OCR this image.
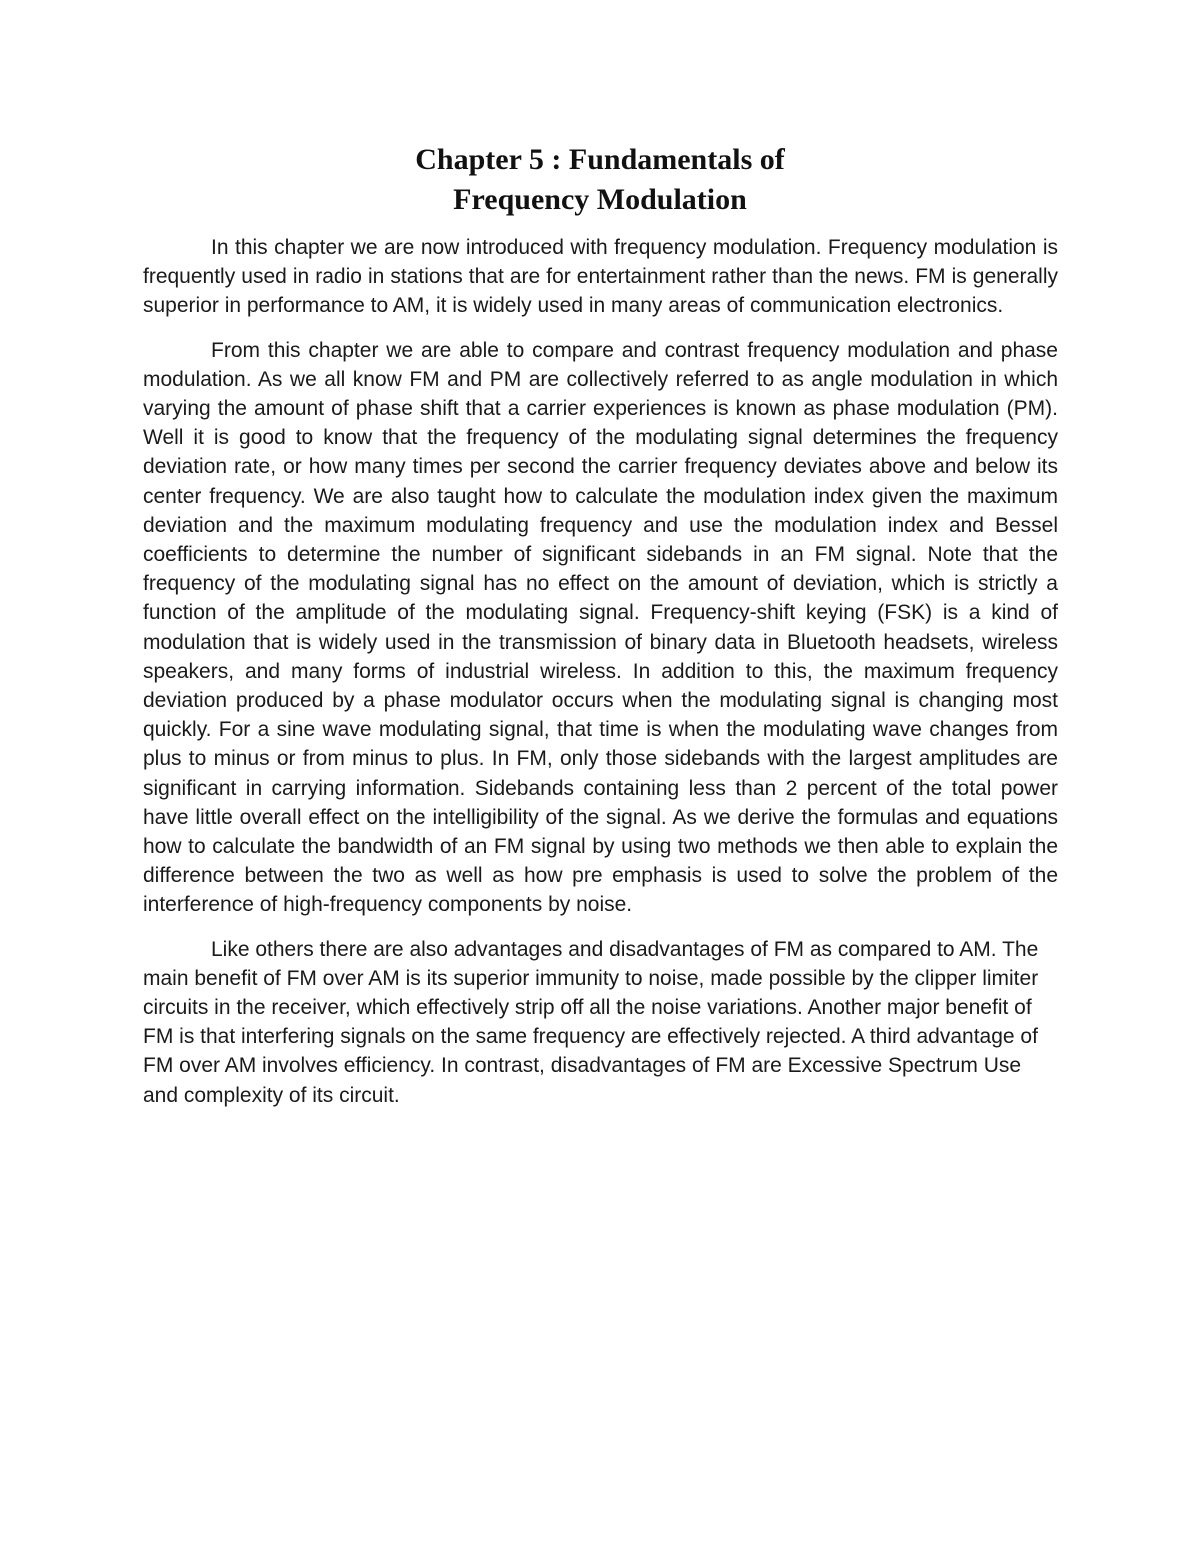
Chapter 5 : Fundamentals of
Frequency Modulation

In this chapter we are now introduced with frequency modulation. Frequency modulation is frequently used in radio in stations that are for entertainment rather than the news. FM is generally superior in performance to AM, it is widely used in many areas of communication electronics.

From this chapter we are able to compare and contrast frequency modulation and phase modulation. As we all know FM and PM are collectively referred to as angle modulation in which varying the amount of phase shift that a carrier experiences is known as phase modulation (PM). Well it is good to know that the frequency of the modulating signal determines the frequency deviation rate, or how many times per second the carrier frequency deviates above and below its center frequency. We are also taught how to calculate the modulation index given the maximum deviation and the maximum modulating frequency and use the modulation index and Bessel coefficients to determine the number of significant sidebands in an FM signal. Note that the frequency of the modulating signal has no effect on the amount of deviation, which is strictly a function of the amplitude of the modulating signal. Frequency-shift keying (FSK) is a kind of modulation that is widely used in the transmission of binary data in Bluetooth headsets, wireless speakers, and many forms of industrial wireless. In addition to this, the maximum frequency deviation produced by a phase modulator occurs when the modulating signal is changing most quickly. For a sine wave modulating signal, that time is when the modulating wave changes from plus to minus or from minus to plus. In FM, only those sidebands with the largest amplitudes are significant in carrying information. Sidebands containing less than 2 percent of the total power have little overall effect on the intelligibility of the signal. As we derive the formulas and equations how to calculate the bandwidth of an FM signal by using two methods we then able to explain the difference between the two as well as how pre emphasis is used to solve the problem of the interference of high-frequency components by noise.

Like others there are also advantages and disadvantages of FM as compared to AM. The main benefit of FM over AM is its superior immunity to noise, made possible by the clipper limiter circuits in the receiver, which effectively strip off all the noise variations. Another major benefit of FM is that interfering signals on the same frequency are effectively rejected. A third advantage of FM over AM involves efficiency. In contrast, disadvantages of FM are Excessive Spectrum Use and complexity of its circuit.
